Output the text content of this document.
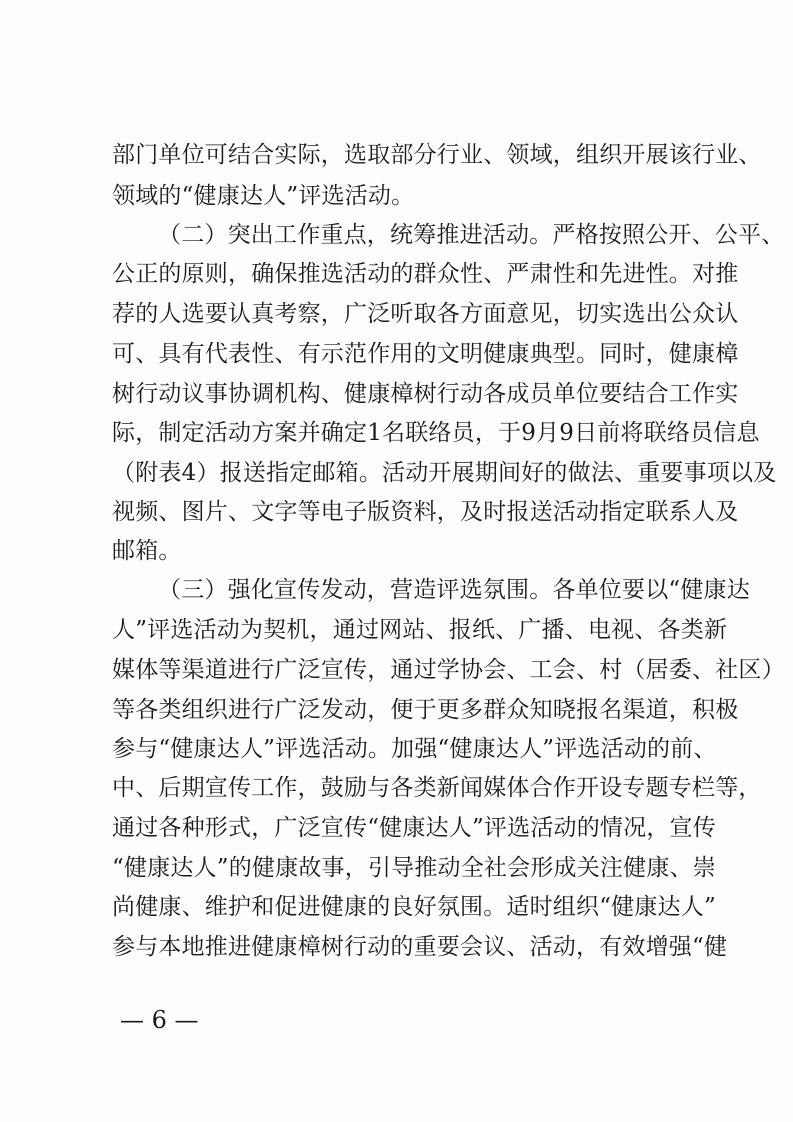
部门单位可结合实际，选取部分行业、领域，组织开展该行业、
领域的“健康达人”评选活动。
（二）突出工作重点，统筹推进活动。严格按照公开、公平、
公正的原则，确保推选活动的群众性、严肃性和先进性。对推
荐的人选要认真考察，广泛听取各方面意见，切实选出公众认
可、具有代表性、有示范作用的文明健康典型。同时，健康樟
树行动议事协调机构、健康樟树行动各成员单位要结合工作实
际，制定活动方案并确定1名联络员，于9月9日前将联络员信息
（附表4）报送指定邮箱。活动开展期间好的做法、重要事项以及
视频、图片、文字等电子版资料，及时报送活动指定联系人及
邮箱。
（三）强化宣传发动，营造评选氛围。各单位要以“健康达
人”评选活动为契机，通过网站、报纸、广播、电视、各类新
媒体等渠道进行广泛宣传，通过学协会、工会、村（居委、社区）
等各类组织进行广泛发动，便于更多群众知晓报名渠道，积极
参与“健康达人”评选活动。加强“健康达人”评选活动的前、
中、后期宣传工作，鼓励与各类新闻媒体合作开设专题专栏等，
通过各种形式，广泛宣传“健康达人”评选活动的情况，宣传
“健康达人”的健康故事，引导推动全社会形成关注健康、崇
尚健康、维护和促进健康的良好氛围。适时组织“健康达人”
参与本地推进健康樟树行动的重要会议、活动，有效增强“健
— 6 —
